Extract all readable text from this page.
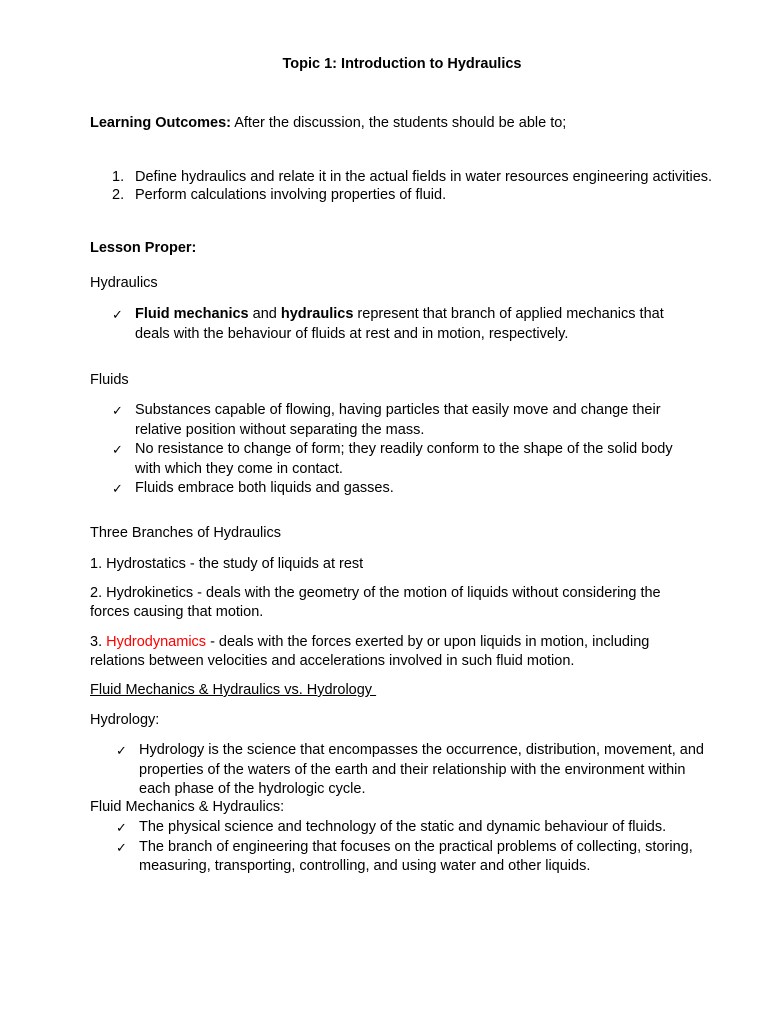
Topic 1: Introduction to Hydraulics
Learning Outcomes: After the discussion, the students should be able to;
1. Define hydraulics and relate it in the actual fields in water resources engineering activities.
2. Perform calculations involving properties of fluid.
Lesson Proper:
Hydraulics
✓ Fluid mechanics and hydraulics represent that branch of applied mechanics that deals with the behaviour of fluids at rest and in motion, respectively.
Fluids
✓ Substances capable of flowing, having particles that easily move and change their relative position without separating the mass.
✓ No resistance to change of form; they readily conform to the shape of the solid body with which they come in contact.
✓ Fluids embrace both liquids and gasses.
Three Branches of Hydraulics
1. Hydrostatics - the study of liquids at rest
2. Hydrokinetics - deals with the geometry of the motion of liquids without considering the forces causing that motion.
3. Hydrodynamics - deals with the forces exerted by or upon liquids in motion, including relations between velocities and accelerations involved in such fluid motion.
Fluid Mechanics & Hydraulics vs. Hydrology
Hydrology:
✓ Hydrology is the science that encompasses the occurrence, distribution, movement, and properties of the waters of the earth and their relationship with the environment within each phase of the hydrologic cycle.
Fluid Mechanics & Hydraulics:
✓ The physical science and technology of the static and dynamic behaviour of fluids.
✓ The branch of engineering that focuses on the practical problems of collecting, storing, measuring, transporting, controlling, and using water and other liquids.
